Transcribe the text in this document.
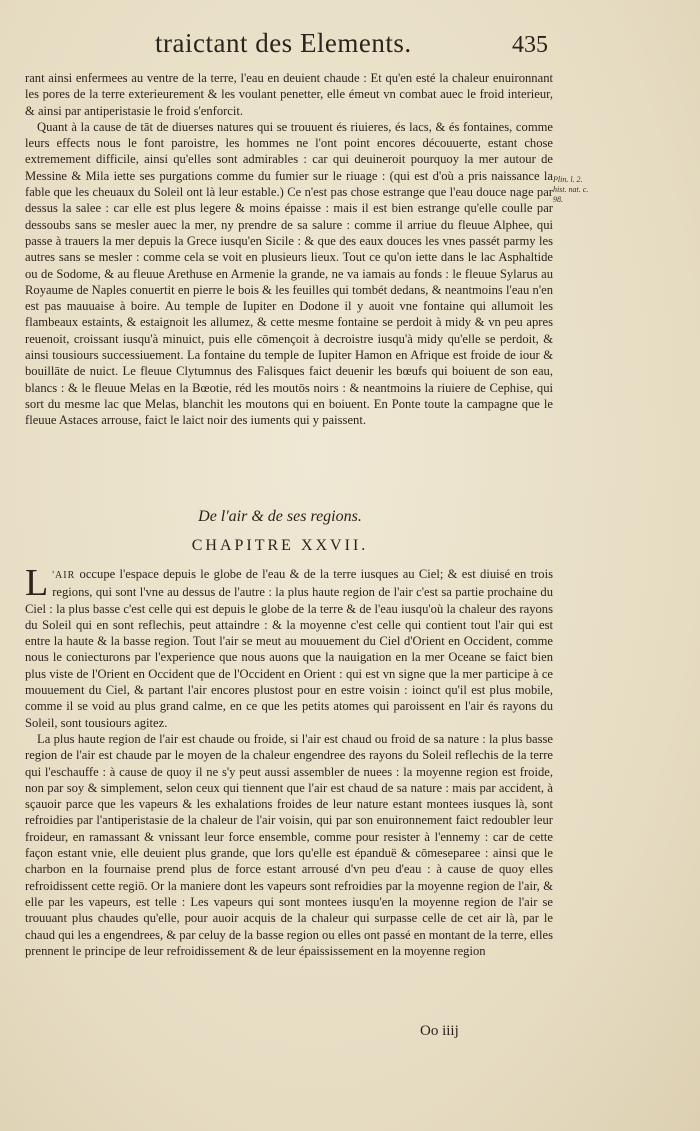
traictant des Elements.	435

rant ainsi enfermees au ventre de la terre, l'eau en deuient chaude : Et qu'en esté la chaleur enuironnant les pores de la terre exterieurement & les voulant penetter, elle émeut vn combat auec le froid interieur, & ainsi par antiperistasie le froid s'enforcit.

Quant à la cause de tāt de diuerses natures qui se trouuent és riuieres, és lacs, & és fontaines, comme leurs effects nous le font paroistre, les hommes ne l'ont point encores découuerte, estant chose extremement difficile, ainsi qu'elles sont admirables : car qui deuineroit pourquoy la mer autour de Messine & Mila iette ses purgations comme du fumier sur le riuage : (qui est d'où a pris naissance la fable que les cheuaux du Soleil ont là leur estable.) Ce n'est pas chose estrange que l'eau douce nage par dessus la salee : car elle est plus legere & moins épaisse : mais il est bien estrange qu'elle coulle par dessoubs sans se mesler auec la mer, ny prendre de sa salure : comme il arriue du fleuue Alphee, qui passe à trauers la mer depuis la Grece iusqu'en Sicile : & que des eaux douces les vnes passét parmy les autres sans se mesler : comme cela se voit en plusieurs lieux. Tout ce qu'on iette dans le lac Asphaltide ou de Sodome, & au fleuue Arethuse en Armenie la grande, ne va iamais au fonds : le fleuue Sylarus au Royaume de Naples conuertit en pierre le bois & les feuilles qui tombét dedans, & neantmoins l'eau n'en est pas mauuaise à boire. Au temple de Iupiter en Dodone il y auoit vne fontaine qui allumoit les flambeaux estaints, & estaignoit les allumez, & cette mesme fontaine se perdoit à midy & vn peu apres reuenoit, croissant iusqu'à minuict, puis elle cōmençoit à decroistre iusqu'à midy qu'elle se perdoit, & ainsi tousiours successiuement. La fontaine du temple de Iupiter Hamon en Afrique est froide de iour & bouillāte de nuict. Le fleuue Clytumnus des Falisques faict deuenir les bœufs qui boiuent de son eau, blancs : & le fleuue Melas en la Bœotie, réd les moutōs noirs : & neantmoins la riuiere de Cephise, qui sort du mesme lac que Melas, blanchit les moutons qui en boiuent. En Ponte toute la campagne que le fleuue Astaces arrouse, faict le laict noir des iuments qui y paissent.

Plin. l. 2. hist. nat. c. 98.
De l'air & de ses regions.
CHAPITRE XXVII.

L 'AIR occupe l'espace depuis le globe de l'eau & de la terre iusques au Ciel; & est diuisé en trois regions, qui sont l'vne au dessus de l'autre : la plus haute region de l'air c'est sa partie prochaine du Ciel : la plus basse c'est celle qui est depuis le globe de la terre & de l'eau iusqu'où la chaleur des rayons du Soleil qui en sont reflechis, peut attaindre : & la moyenne c'est celle qui contient tout l'air qui est entre la haute & la basse region. Tout l'air se meut au mouuement du Ciel d'Orient en Occident, comme nous le coniecturons par l'experience que nous auons que la nauigation en la mer Oceane se faict bien plus viste de l'Orient en Occident que de l'Occident en Orient : qui est vn signe que la mer participe à ce mouuement du Ciel, & partant l'air encores plustost pour en estre voisin : ioinct qu'il est plus mobile, comme il se void au plus grand calme, en ce que les petits atomes qui paroissent en l'air és rayons du Soleil, sont tousiours agitez.

La plus haute region de l'air est chaude ou froide, si l'air est chaud ou froid de sa nature : la plus basse region de l'air est chaude par le moyen de la chaleur engendree des rayons du Soleil reflechis de la terre qui l'eschauffe : à cause de quoy il ne s'y peut aussi assembler de nuees : la moyenne region est froide, non par soy & simplement, selon ceux qui tiennent que l'air est chaud de sa nature : mais par accident, à sçauoir parce que les vapeurs & les exhalations froides de leur nature estant montees iusques là, sont refroidies par l'antiperistasie de la chaleur de l'air voisin, qui par son enuironnement faict redoubler leur froideur, en ramassant & vnissant leur force ensemble, comme pour resister à l'ennemy : car de cette façon estant vnie, elle deuient plus grande, que lors qu'elle est épanduë & cōmeseparee : ainsi que le charbon en la fournaise prend plus de force estant arrousé d'vn peu d'eau : à cause de quoy elles refroidissent cette regiō. Or la maniere dont les vapeurs sont refroidies par la moyenne region de l'air, & elle par les vapeurs, est telle : Les vapeurs qui sont montees iusqu'en la moyenne region de l'air se trouuant plus chaudes qu'elle, pour auoir acquis de la chaleur qui surpasse celle de cet air là, par le chaud qui les a engendrees, & par celuy de la basse region ou elles ont passé en montant de la terre, elles prennent le principe de leur refroidissement & de leur épaississement en la moyenne region

Oo iiij
